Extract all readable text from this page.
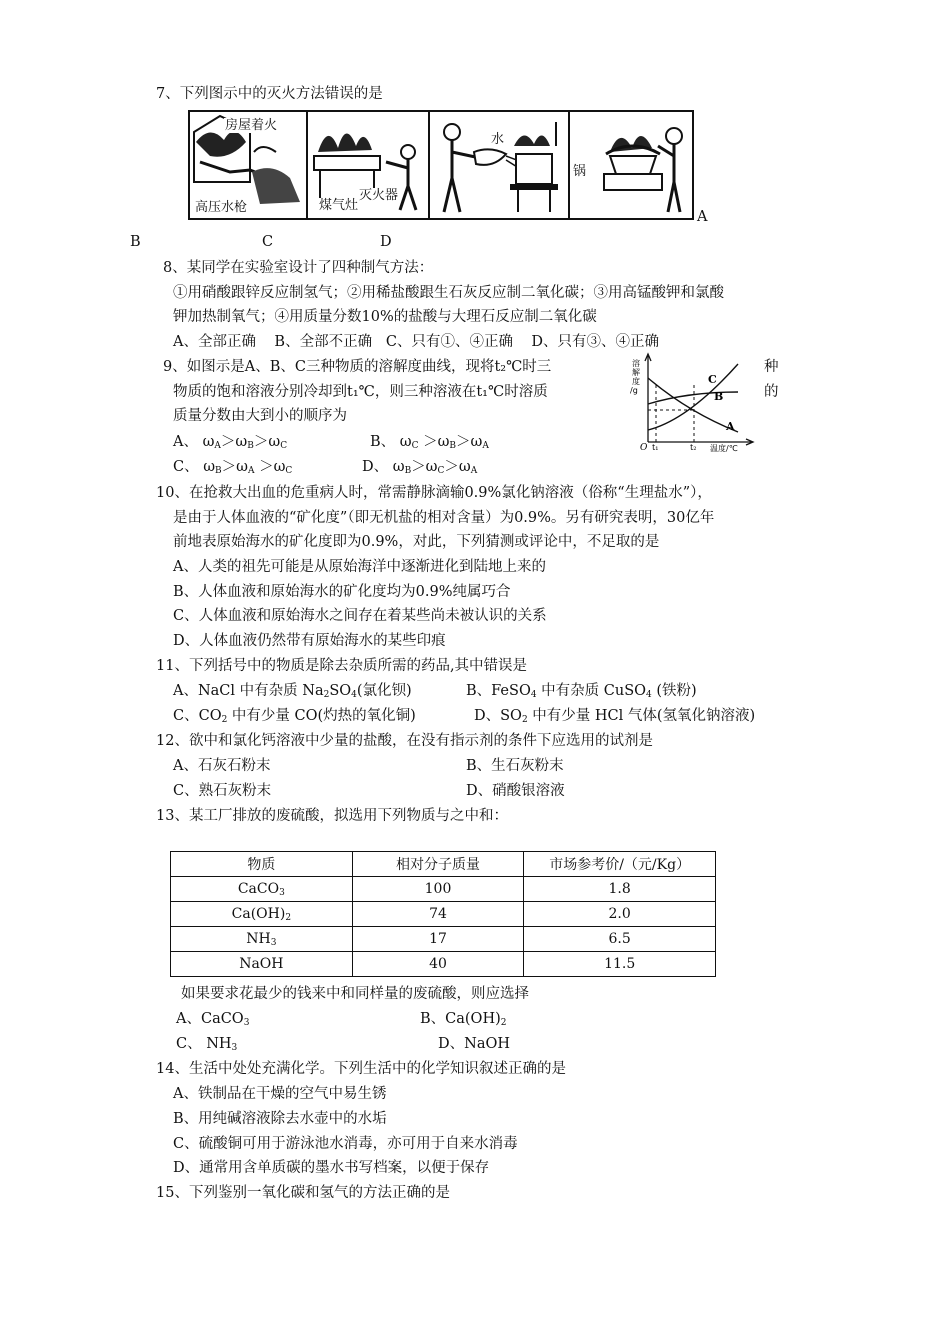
7、下列图示中的灭火方法错误的是
房屋着火
高压水枪	煤气灶
灭火器
水
锅
A
B	C	D
8、某同学在实验室设计了四种制气方法：
①用硝酸跟锌反应制氢气；②用稀盐酸跟生石灰反应制二氧化碳；③用高锰酸钾和氯酸
钾加热制氧气；④用质量分数10%的盐酸与大理石反应制二氧化碳
A、全部正确    B、全部不正确   C、只有①、④正确    D、只有③、④正确
9、如图示是A、B、C三种物质的溶解度曲线，现将t₂℃时三	种
物质的饱和溶液分别冷却到t₁℃，则三种溶液在t₁℃时溶质	的
质量分数由大到小的顺序为
A、 $\omega_A>\omega_B>\omega_C$	B、 $\omega_C >\omega_B>\omega_A$
C、 $\omega_B>\omega_A >\omega_C$	D、 $\omega_B>\omega_C>\omega_A$
溶解度/g
O t₁	t₂ 温度/℃
C
B
A
10、在抢救大出血的危重病人时，常需静脉滴输0.9%氯化钠溶液（俗称“生理盐水”），
是由于人体血液的“矿化度”（即无机盐的相对含量）为0.9%。另有研究表明，30亿年
前地表原始海水的矿化度即为0.9%，对此，下列猜测或评论中，不足取的是
A、人类的祖先可能是从原始海洋中逐渐进化到陆地上来的
B、人体血液和原始海水的矿化度均为0.9%纯属巧合
C、人体血液和原始海水之间存在着某些尚未被认识的关系
D、人体血液仍然带有原始海水的某些印痕
11、下列括号中的物质是除去杂质所需的药品,其中错误是
A、NaCl 中有杂质 $Na_2SO_4$(氯化钡)	B、FeSO$_4$ 中有杂质 CuSO$_4$ (铁粉)
C、$CO_2$ 中有少量 CO(灼热的氧化铜)	D、$SO_2$ 中有少量 HCl 气体(氢氧化钠溶液)
12、欲中和氯化钙溶液中少量的盐酸，在没有指示剂的条件下应选用的试剂是
A、石灰石粉末	B、生石灰粉末
C、熟石灰粉末	D、硝酸银溶液
13、某工厂排放的废硫酸，拟选用下列物质与之中和：
物质	相对分子质量	市场参考价/（元/Kg）
CaCO$_3$	100	1.8
$Ca(OH)_2$	74	2.0
$NH_3$	17	6.5
NaOH	40	11.5
如果要求花最少的钱来中和同样量的废硫酸，则应选择
A、CaCO$_3$	B、$Ca(OH)_2$
C、 $NH_3$	D、NaOH
14、生活中处处充满化学。下列生活中的化学知识叙述正确的是
A、铁制品在干燥的空气中易生锈
B、用纯碱溶液除去水壶中的水垢
C、硫酸铜可用于游泳池水消毒，亦可用于自来水消毒
D、通常用含单质碳的墨水书写档案，以便于保存
15、下列鉴别一氧化碳和氢气的方法正确的是
